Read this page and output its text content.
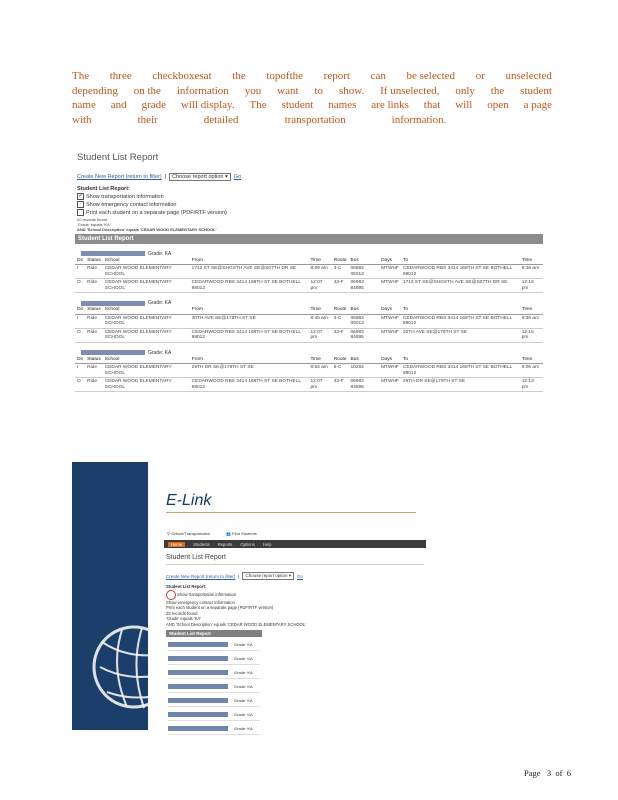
The three checkboxesat the topofthe report can be selected or unselected
depending on the information you want to show. If unselected, only the student
name and grade will display. The student names are links that will open a page
with	their	detailed	transportation	information.
Student List Report
Create New Report (return to filter) |	Choose report option ▾	Go
Student List Report:
✓ Show transportation information
Show emergency contact information
Print each student on a separate page (PDF/RTF version)
20 records found.
'Grade' equals 'KA'
AND 'School Description' equals 'CEDAR WOOD ELEMENTARY SCHOOL'
Student List Report
Grade: KA
Dir	Status	School	From	Time	Route	Bus	Days	To	Time
I	Ride	CEDAR WOOD ELEMENTARY SCHOOL	1712 ST SE@SHGSTH AVE SE@S07TH DR SE	8:09 am	3-C	06882 05013	MTWHF	CEDARWOOD RBS 3414 168TH ST SE BOTHELL 98012	8:36 am
O	Ride	CEDAR WOOD ELEMENTARY SCHOOL	CEDARWOOD RBS 3414 168TH ST SE BOTHELL 98012	12:07 pm	43-F	06993 84895	MTWHF	1712 ST SE@SHGSTH AVE SE@S07TH DR SE	12:16 pm
Grade: KA
Dir	Status	School	From	Time	Route	Bus	Days	To	Time
I	Ride	CEDAR WOOD ELEMENTARY SCHOOL	30TH AVE SE@178TH ST SE	8:45 am	3-C	06882 05013	MTWHF	CEDARWOOD RBS 3414 168TH ST SE BOTHELL 98012	8:36 am
O	Ride	CEDAR WOOD ELEMENTARY SCHOOL	CEDARWOOD RBS 3414 168TH ST SE BOTHELL 98012	12:07 pm	43-F	06993 84895	MTWHF	30TH AVE SE@178TH ST SE	12:15 pm
Grade: KA
Dir	Status	School	From	Time	Route	Bus	Days	To	Time
I	Ride	CEDAR WOOD ELEMENTARY SCHOOL	29TH DR SE@179TH ST SE	8:54 am	6-C	10292	MTWHF	CEDARWOOD RBS 3414 168TH ST SE BOTHELL 98012	9:05 am
O	Ride	CEDAR WOOD ELEMENTARY SCHOOL	CEDARWOOD RBS 3414 168TH ST SE BOTHELL 98012	12:07 pm	43-F	06993 84895	MTWHF	29TH DR SE@179TH ST SE	12:13 pm
E-Link
⚲ School/Transportation	👥 Find Students
Home	Students Reports Options Help
Student List Report
Create New Report (return to filter) |	Choose report option ▾	Go
Student List Report:
Show transportation information
Show emergency contact information
Print each student on a separate page (PDF/RTF version)
25 records found.
'Grade' equals 'KA'
AND 'School Description' equals 'CEDAR WOOD ELEMENTARY SCHOOL'
Student List Report
Grade: KA
Grade: KA
Grade: KA
Grade: KA
Grade: KA
Grade: KA
Grade: KA
Page 3 of 6
